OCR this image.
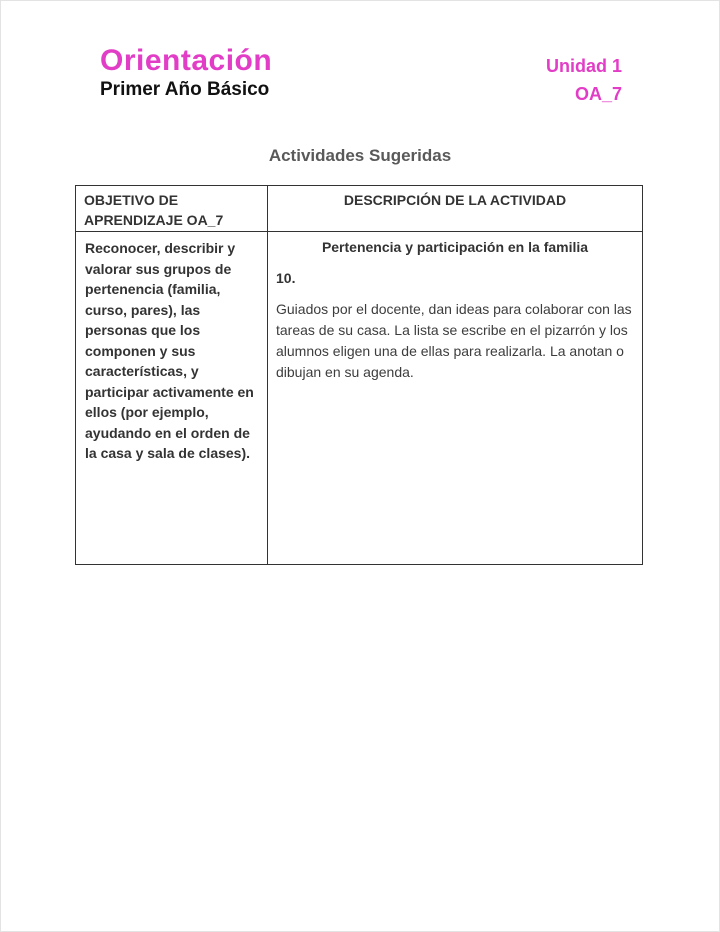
Orientación
Primer Año Básico
Unidad 1
OA_7
Actividades Sugeridas
OBJETIVO DE APRENDIZAJE OA_7
DESCRIPCIÓN DE LA ACTIVIDAD
Reconocer, describir y valorar sus grupos de pertenencia (familia, curso, pares), las personas que los componen y sus características, y participar activamente en ellos (por ejemplo, ayudando en el orden de la casa y sala de clases).
Pertenencia y participación en la familia
10.
Guiados por el docente, dan ideas para colaborar con las tareas de su casa. La lista se escribe en el pizarrón y los alumnos eligen una de ellas para realizarla. La anotan o dibujan en su agenda.
